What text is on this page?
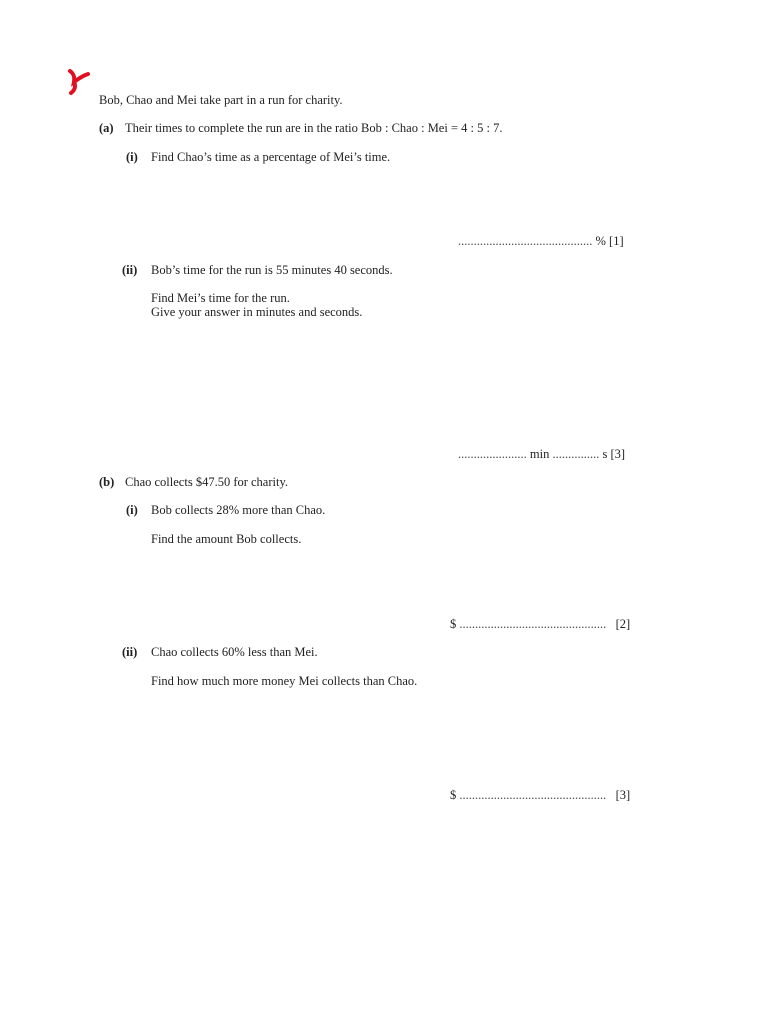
Bob, Chao and Mei take part in a run for charity.
(a) Their times to complete the run are in the ratio Bob : Chao : Mei = 4 : 5 : 7.
(i) Find Chao’s time as a percentage of Mei’s time.
........................................... % [1]
(ii) Bob’s time for the run is 55 minutes 40 seconds.
Find Mei’s time for the run.
Give your answer in minutes and seconds.
...................... min ............... s [3]
(b) Chao collects $47.50 for charity.
(i) Bob collects 28% more than Chao.
Find the amount Bob collects.
$ ............................................... [2]
(ii) Chao collects 60% less than Mei.
Find how much more money Mei collects than Chao.
$ ............................................... [3]
